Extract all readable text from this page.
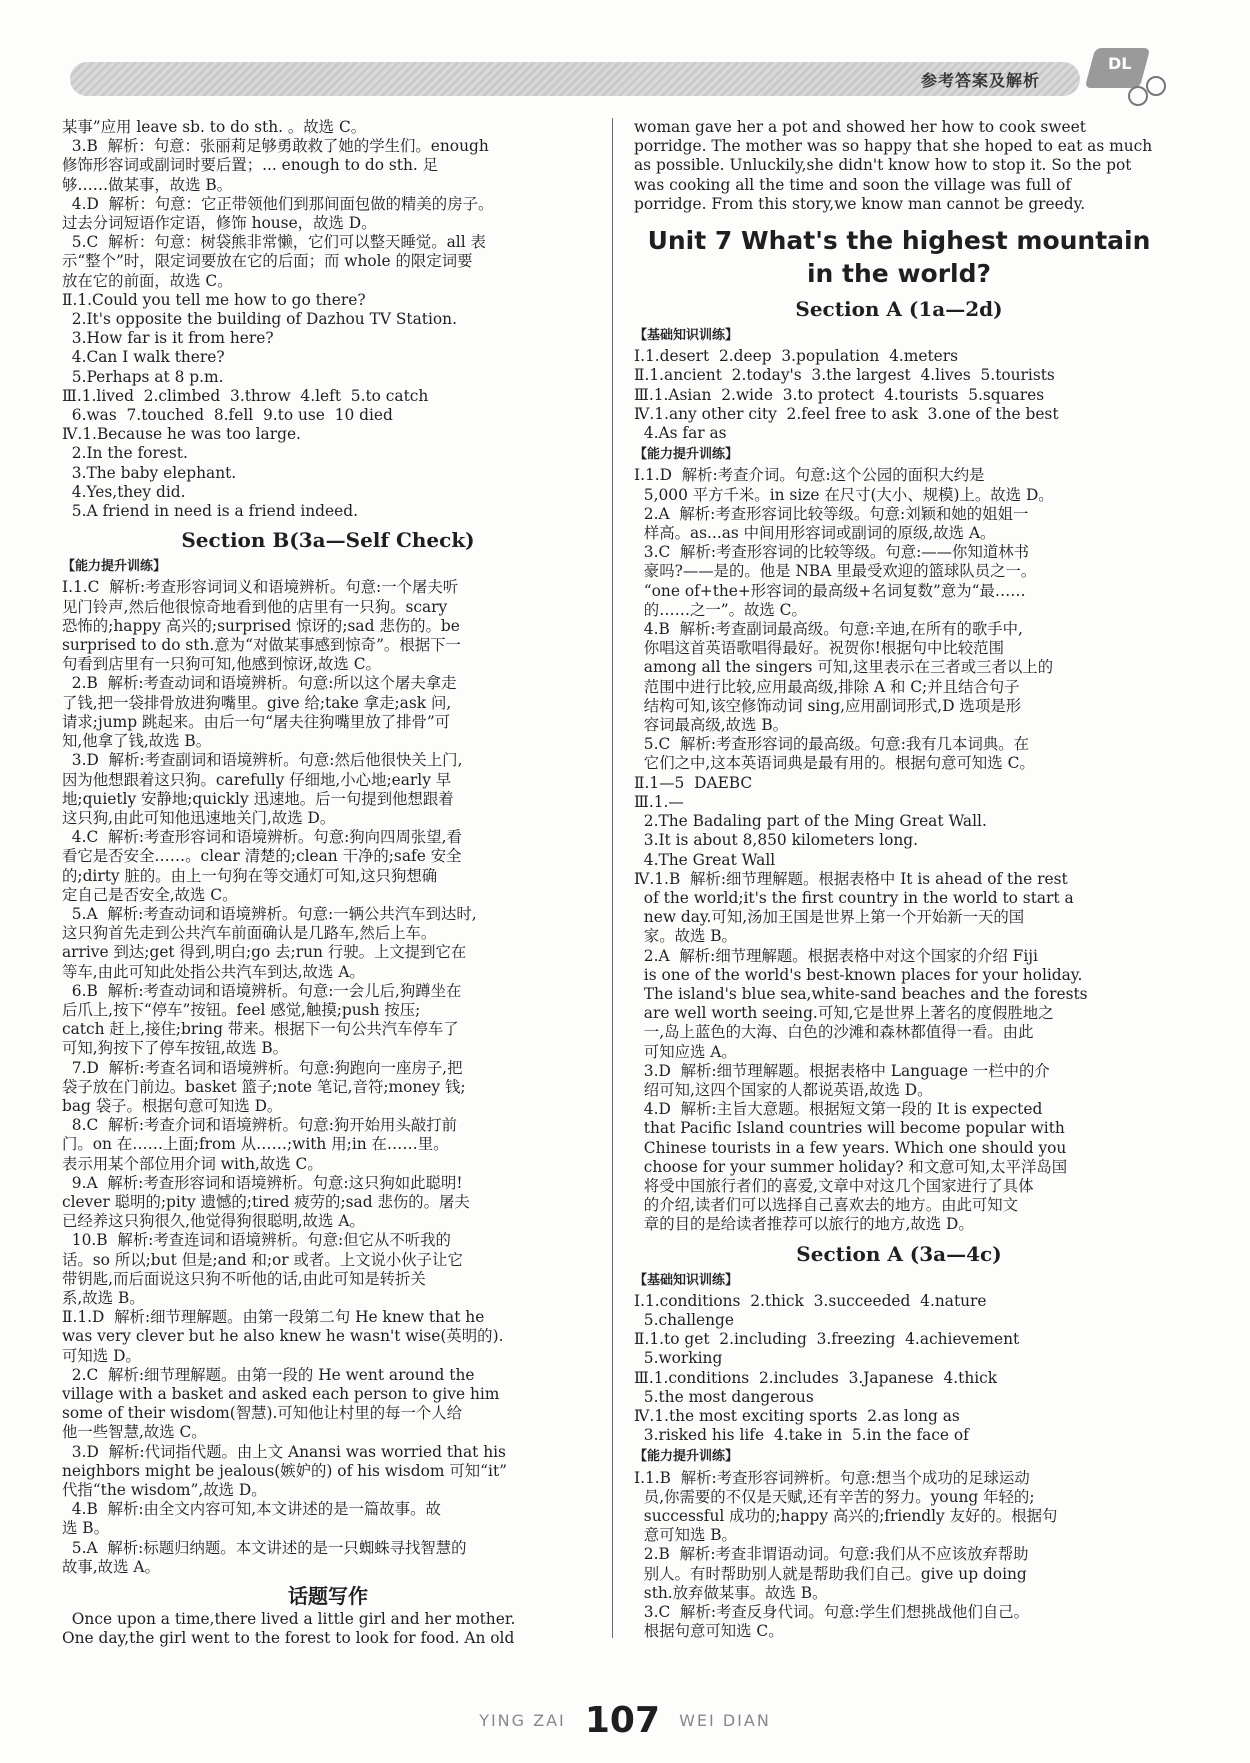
参考答案及解析
DL
某事”应用 leave sb. to do sth. 。故选 C。
3.B  解析：句意：张丽莉足够勇敢救了她的学生们。enough
修饰形容词或副词时要后置；... enough to do sth. 足
够……做某事，故选 B。
4.D  解析：句意：它正带领他们到那间面包做的精美的房子。
过去分词短语作定语，修饰 house，故选 D。
5.C  解析：句意：树袋熊非常懒，它们可以整天睡觉。all 表
示“整个”时，限定词要放在它的后面；而 whole 的限定词要
放在它的前面，故选 C。
Ⅱ.1.Could you tell me how to go there?
2.It's opposite the building of Dazhou TV Station.
3.How far is it from here?
4.Can I walk there?
5.Perhaps at 8 p.m.
Ⅲ.1.lived  2.climbed  3.throw  4.left  5.to catch
6.was  7.touched  8.fell  9.to use  10 died
Ⅳ.1.Because he was too large.
2.In the forest.
3.The baby elephant.
4.Yes,they did.
5.A friend in need is a friend indeed.
Section B(3a—Self Check)
【能力提升训练】
Ⅰ.1.C  解析:考查形容词词义和语境辨析。句意:一个屠夫听
见门铃声,然后他很惊奇地看到他的店里有一只狗。scary
恐怖的;happy 高兴的;surprised 惊讶的;sad 悲伤的。be
surprised to do sth.意为“对做某事感到惊奇”。根据下一
句看到店里有一只狗可知,他感到惊讶,故选 C。
2.B  解析:考查动词和语境辨析。句意:所以这个屠夫拿走
了钱,把一袋排骨放进狗嘴里。give 给;take 拿走;ask 问,
请求;jump 跳起来。由后一句“屠夫往狗嘴里放了排骨”可
知,他拿了钱,故选 B。
3.D  解析:考查副词和语境辨析。句意:然后他很快关上门,
因为他想跟着这只狗。carefully 仔细地,小心地;early 早
地;quietly 安静地;quickly 迅速地。后一句提到他想跟着
这只狗,由此可知他迅速地关门,故选 D。
4.C  解析:考查形容词和语境辨析。句意:狗向四周张望,看
看它是否安全……。clear 清楚的;clean 干净的;safe 安全
的;dirty 脏的。由上一句狗在等交通灯可知,这只狗想确
定自己是否安全,故选 C。
5.A  解析:考查动词和语境辨析。句意:一辆公共汽车到达时,
这只狗首先走到公共汽车前面确认是几路车,然后上车。
arrive 到达;get 得到,明白;go 去;run 行驶。上文提到它在
等车,由此可知此处指公共汽车到达,故选 A。
6.B  解析:考查动词和语境辨析。句意:一会儿后,狗蹲坐在
后爪上,按下“停车”按钮。feel 感觉,触摸;push 按压;
catch 赶上,接住;bring 带来。根据下一句公共汽车停车了
可知,狗按下了停车按钮,故选 B。
7.D  解析:考查名词和语境辨析。句意:狗跑向一座房子,把
袋子放在门前边。basket 篮子;note 笔记,音符;money 钱;
bag 袋子。根据句意可知选 D。
8.C  解析:考查介词和语境辨析。句意:狗开始用头敲打前
门。on 在……上面;from 从……;with 用;in 在……里。
表示用某个部位用介词 with,故选 C。
9.A  解析:考查形容词和语境辨析。句意:这只狗如此聪明!
clever 聪明的;pity 遗憾的;tired 疲劳的;sad 悲伤的。屠夫
已经养这只狗很久,他觉得狗很聪明,故选 A。
10.B  解析:考查连词和语境辨析。句意:但它从不听我的
话。so 所以;but 但是;and 和;or 或者。上文说小伙子让它
带钥匙,而后面说这只狗不听他的话,由此可知是转折关
系,故选 B。
Ⅱ.1.D  解析:细节理解题。由第一段第二句 He knew that he
was very clever but he also knew he wasn't wise(英明的).
可知选 D。
2.C  解析:细节理解题。由第一段的 He went around the
village with a basket and asked each person to give him
some of their wisdom(智慧).可知他让村里的每一个人给
他一些智慧,故选 C。
3.D  解析:代词指代题。由上文 Anansi was worried that his
neighbors might be jealous(嫉妒的) of his wisdom 可知“it”
代指“the wisdom”,故选 D。
4.B  解析:由全文内容可知,本文讲述的是一篇故事。故
选 B。
5.A  解析:标题归纳题。本文讲述的是一只蜘蛛寻找智慧的
故事,故选 A。
话题写作
Once upon a time,there lived a little girl and her mother.
One day,the girl went to the forest to look for food. An old
woman gave her a pot and showed her how to cook sweet
porridge. The mother was so happy that she hoped to eat as much
as possible. Unluckily,she didn't know how to stop it. So the pot
was cooking all the time and soon the village was full of
porridge. From this story,we know man cannot be greedy.
Unit 7 What's the highest mountain
in the world?
Section A (1a—2d)
【基础知识训练】
Ⅰ.1.desert  2.deep  3.population  4.meters
Ⅱ.1.ancient  2.today's  3.the largest  4.lives  5.tourists
Ⅲ.1.Asian  2.wide  3.to protect  4.tourists  5.squares
Ⅳ.1.any other city  2.feel free to ask  3.one of the best
4.As far as
【能力提升训练】
Ⅰ.1.D  解析:考查介词。句意:这个公园的面积大约是
5,000 平方千米。in size 在尺寸(大小、规模)上。故选 D。
2.A  解析:考查形容词比较等级。句意:刘颖和她的姐姐一
样高。as...as 中间用形容词或副词的原级,故选 A。
3.C  解析:考查形容词的比较等级。句意:——你知道林书
豪吗?——是的。他是 NBA 里最受欢迎的篮球队员之一。
“one of+the+形容词的最高级+名词复数”意为“最……
的……之一”。故选 C。
4.B  解析:考查副词最高级。句意:辛迪,在所有的歌手中,
你唱这首英语歌唱得最好。祝贺你!根据句中比较范围
among all the singers 可知,这里表示在三者或三者以上的
范围中进行比较,应用最高级,排除 A 和 C;并且结合句子
结构可知,该空修饰动词 sing,应用副词形式,D 选项是形
容词最高级,故选 B。
5.C  解析:考查形容词的最高级。句意:我有几本词典。在
它们之中,这本英语词典是最有用的。根据句意可知选 C。
Ⅱ.1—5  DAEBC
Ⅲ.1.—
2.The Badaling part of the Ming Great Wall.
3.It is about 8,850 kilometers long.
4.The Great Wall
Ⅳ.1.B  解析:细节理解题。根据表格中 It is ahead of the rest
of the world;it's the first country in the world to start a
new day.可知,汤加王国是世界上第一个开始新一天的国
家。故选 B。
2.A  解析:细节理解题。根据表格中对这个国家的介绍 Fiji
is one of the world's best-known places for your holiday.
The island's blue sea,white-sand beaches and the forests
are well worth seeing.可知,它是世界上著名的度假胜地之
一,岛上蓝色的大海、白色的沙滩和森林都值得一看。由此
可知应选 A。
3.D  解析:细节理解题。根据表格中 Language 一栏中的介
绍可知,这四个国家的人都说英语,故选 D。
4.D  解析:主旨大意题。根据短文第一段的 It is expected
that Pacific Island countries will become popular with
Chinese tourists in a few years. Which one should you
choose for your summer holiday? 和文意可知,太平洋岛国
将受中国旅行者们的喜爱,文章中对这几个国家进行了具体
的介绍,读者们可以选择自己喜欢去的地方。由此可知文
章的目的是给读者推荐可以旅行的地方,故选 D。
Section A (3a—4c)
【基础知识训练】
Ⅰ.1.conditions  2.thick  3.succeeded  4.nature
5.challenge
Ⅱ.1.to get  2.including  3.freezing  4.achievement
5.working
Ⅲ.1.conditions  2.includes  3.Japanese  4.thick
5.the most dangerous
Ⅳ.1.the most exciting sports  2.as long as
3.risked his life  4.take in  5.in the face of
【能力提升训练】
Ⅰ.1.B  解析:考查形容词辨析。句意:想当个成功的足球运动
员,你需要的不仅是天赋,还有辛苦的努力。young 年轻的;
successful 成功的;happy 高兴的;friendly 友好的。根据句
意可知选 B。
2.B  解析:考查非谓语动词。句意:我们从不应该放弃帮助
别人。有时帮助别人就是帮助我们自己。give up doing
sth.放弃做某事。故选 B。
3.C  解析:考查反身代词。句意:学生们想挑战他们自己。
根据句意可知选 C。
YING ZAI 107 WEI DIAN
